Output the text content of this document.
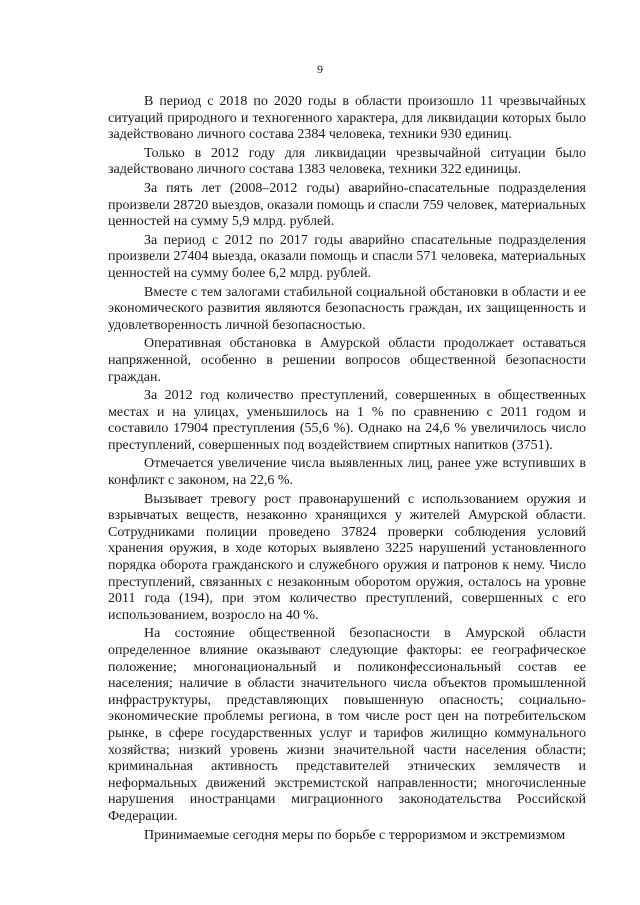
9

В период с 2018 по 2020 годы в области произошло 11 чрезвычайных ситуаций природного и техногенного характера, для ликвидации которых было задействовано личного состава 2384 человека, техники 930 единиц.

Только в 2012 году для ликвидации чрезвычайной ситуации было задействовано личного состава 1383 человека, техники 322 единицы.

За пять лет (2008–2012 годы) аварийно-спасательные подразделения произвели 28720 выездов, оказали помощь и спасли 759 человек, материальных ценностей на сумму 5,9 млрд. рублей.

За период с 2012 по 2017 годы аварийно спасательные подразделения произвели 27404 выезда, оказали помощь и спасли 571 человека, материальных ценностей на сумму более 6,2 млрд. рублей.

Вместе с тем залогами стабильной социальной обстановки в области и ее экономического развития являются безопасность граждан, их защищенность и удовлетворенность личной безопасностью.

Оперативная обстановка в Амурской области продолжает оставаться напряженной, особенно в решении вопросов общественной безопасности граждан.

За 2012 год количество преступлений, совершенных в общественных местах и на улицах, уменьшилось на 1 % по сравнению с 2011 годом и составило 17904 преступления (55,6 %). Однако на 24,6 % увеличилось число преступлений, совершенных под воздействием спиртных напитков (3751).

Отмечается увеличение числа выявленных лиц, ранее уже вступивших в конфликт с законом, на 22,6 %.

Вызывает тревогу рост правонарушений с использованием оружия и взрывчатых веществ, незаконно хранящихся у жителей Амурской области. Сотрудниками полиции проведено 37824 проверки соблюдения условий хранения оружия, в ходе которых выявлено 3225 нарушений установленного порядка оборота гражданского и служебного оружия и патронов к нему. Число преступлений, связанных с незаконным оборотом оружия, осталось на уровне 2011 года (194), при этом количество преступлений, совершенных с его использованием, возросло на 40 %.

На состояние общественной безопасности в Амурской области определенное влияние оказывают следующие факторы: ее географическое положение; многонациональный и поликонфессиональный состав ее населения; наличие в области значительного числа объектов промышленной инфраструктуры, представляющих повышенную опасность; социально-экономические проблемы региона, в том числе рост цен на потребительском рынке, в сфере государственных услуг и тарифов жилищно коммунального хозяйства; низкий уровень жизни значительной части населения области; криминальная активность представителей этнических землячеств и неформальных движений экстремистской направленности; многочисленные нарушения иностранцами миграционного законодательства Российской Федерации.

Принимаемые сегодня меры по борьбе с терроризмом и экстремизмом
